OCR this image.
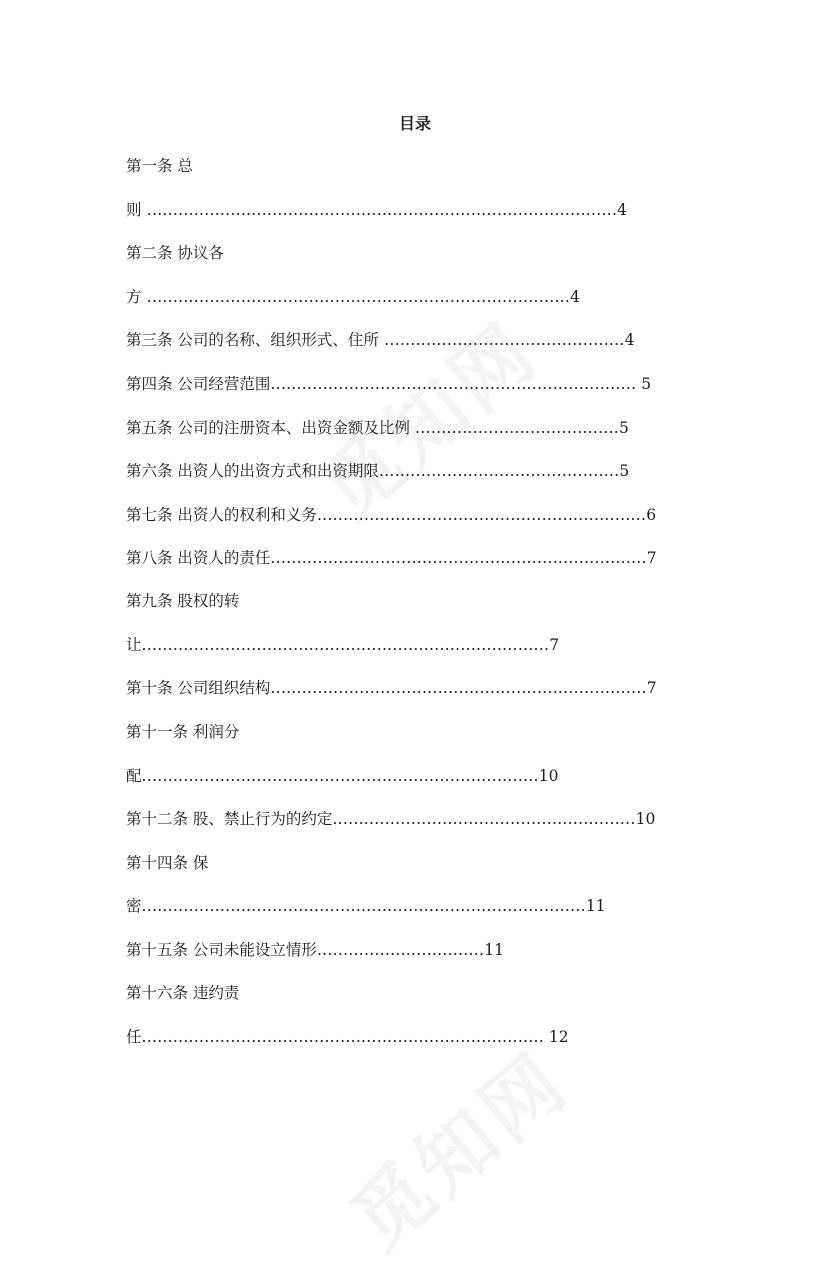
目录

第一条 总

则 ..........................................................................................4

第二条 协议各

方 .................................................................................4

第三条 公司的名称、组织形式、住所 ..............................................4

第四条 公司经营范围...................................................................... 5

第五条 公司的注册资本、出资金额及比例 .......................................5

第六条 出资人的出资方式和出资期限..............................................5

第七条 出资人的权利和义务...............................................................6

第八条 出资人的责任........................................................................7

第九条 股权的转

让..............................................................................7

第十条 公司组织结构........................................................................7

第十一条 利润分

配............................................................................10

第十二条 股、禁止行为的约定..........................................................10

第十四条 保

密.....................................................................................11

第十五条 公司未能设立情形................................11

第十六条 违约责

任............................................................................. 12
